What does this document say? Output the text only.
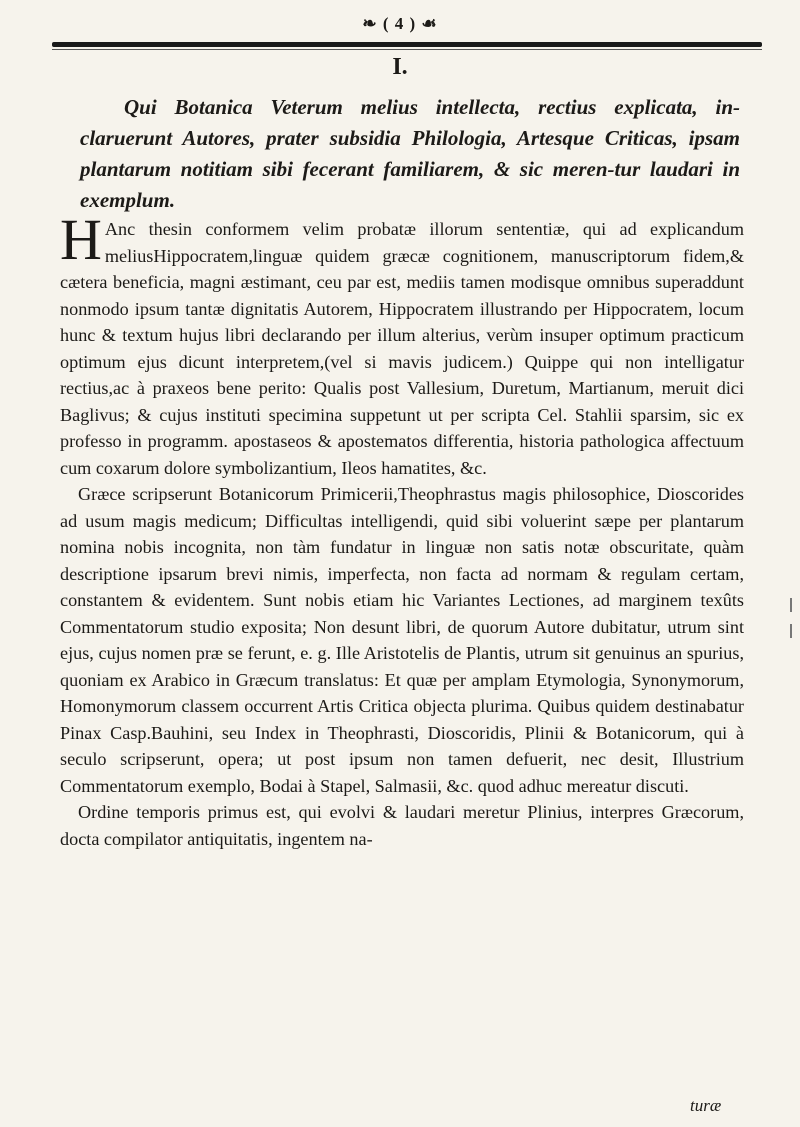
❧ ( 4 ) ☙
I.
Qui Botanica Veterum melius intellecta, rectius explicata, in-claruerunt Autores, prater subsidia Philologia, Artesque Criticas, ipsam plantarum notitiam sibi fecerant familiarem, & sic meren-tur laudari in exemplum.

H Anc thesin conformem velim probatæ illorum sententiæ, qui ad explicandum meliusHippocratem,linguæ quidem græcæ cognitionem, manuscriptorum fidem,& cætera beneficia, magni æstimant, ceu par est, mediis tamen modisque omnibus superaddunt nonmodo ipsum tantæ dignitatis Autorem, Hippocratem illustrando per Hippocratem, locum hunc & textum hujus libri declarando per illum alterius, verùm insuper optimum practicum optimum ejus dicunt interpretem,(vel si mavis judicem.) Quippe qui non intelligatur rectius,ac à praxeos bene perito: Qualis post Vallesium, Duretum, Martianum, meruit dici Baglivus; & cujus instituti specimina suppetunt ut per scripta Cel. Stahlii sparsim, sic ex professo in programm. apostaseos & apostematos differentia, historia pathologica affectuum cum coxarum dolore symbolizantium, Ileos hamatites, &c.

Græce scripserunt Botanicorum Primicerii,Theophrastus magis philosophice, Dioscorides ad usum magis medicum; Difficultas intelligendi, quid sibi voluerint sæpe per plantarum nomina nobis incognita, non tàm fundatur in linguæ non satis notæ obscuritate, quàm descriptione ipsarum brevi nimis, imperfecta, non facta ad normam & regulam certam, constantem & evidentem. Sunt nobis etiam hic Variantes Lectiones, ad marginem texûts Commentatorum studio exposita; Non desunt libri, de quorum Autore dubitatur, utrum sint ejus, cujus nomen præ se ferunt, e. g. Ille Aristotelis de Plantis, utrum sit genuinus an spurius, quoniam ex Arabico in Græcum translatus: Et quæ per amplam Etymologia, Synonymorum, Homonymorum classem occurrent Artis Critica objecta plurima. Quibus quidem destinabatur Pinax Casp.Bauhini, seu Index in Theophrasti, Dioscoridis, Plinii & Botanicorum, qui à seculo scripserunt, opera; ut post ipsum non tamen defuerit, nec desit, Illustrium Commentatorum exemplo, Bodai à Stapel, Salmasii, &c. quod adhuc mereatur discuti.

Ordine temporis primus est, qui evolvi & laudari meretur Plinius, interpres Græcorum, docta compilator antiquitatis, ingentem na-

turæ
